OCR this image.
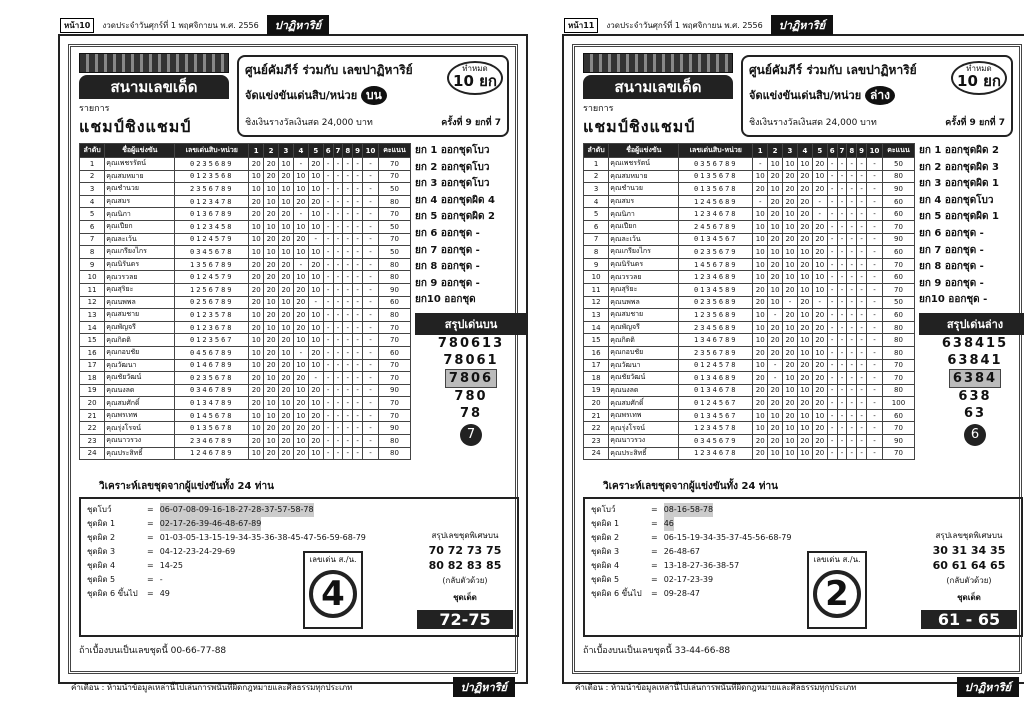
หน้า10	งวดประจำวันศุกร์ที่ 1 พฤศจิกายน พ.ศ. 2556	ปาฏิหาริย์
สนามเลขเด็ด
รายการ
แชมป์ชิงแชมป์
ศูนย์คัมภีร์ ร่วมกับ เลขปาฏิหาริย์
จัดแข่งขันเด่นสิบ/หน่วย บน
ชิงเงินรางวัลเงินสด 24,000 บาท	ครั้งที่ 9 ยกที่ 7
ทำหมด
10 ยก
ลำดับ	ชื่อผู้แข่งขัน	เลขเด่นสิบ-หน่วย	1	2	3	4	5	6	7	8	9	10	คะแนน
1	คุณเพชรรัตน์	0235689	20	20	10	-	20	-	-	-	-	-	70
2	คุณสมหมาย	0123568	10	20	20	10	10	-	-	-	-	-	70
3	คุณชำนวย	2356789	10	10	10	10	10	-	-	-	-	-	50
4	คุณสมร	0123478	20	10	10	20	20	-	-	-	-	-	80
5	คุณนิภา	0136789	20	20	20	-	10	-	-	-	-	-	70
6	คุณเปียก	0123458	10	10	10	10	10	-	-	-	-	-	50
7	คุณละเว้น	0124579	10	20	20	20	-	-	-	-	-	-	70
8	คุณเกรียงไกร	0345678	10	10	10	10	10	-	-	-	-	-	50
9	คุณนิรันดร	1356789	20	20	20	-	20	-	-	-	-	-	80
10	คุณวรวลย	0124579	20	20	20	10	10	-	-	-	-	-	80
11	คุณสุริยะ	1256789	20	20	20	20	10	-	-	-	-	-	90
12	คุณนพพล	0256789	20	10	10	20	-	-	-	-	-	-	60
13	คุณสมชาย	0123578	10	20	20	20	10	-	-	-	-	-	80
14	คุณพัญจรี	0123678	20	10	10	20	10	-	-	-	-	-	70
15	คุณกิตติ	0123567	10	20	20	10	10	-	-	-	-	-	70
16	คุณกอบชัย	0456789	10	20	10	-	20	-	-	-	-	-	60
17	คุณวัฒนา	0146789	10	20	20	10	10	-	-	-	-	-	70
18	คุณชัยวัฒน์	0235678	20	10	20	20	-	-	-	-	-	-	70
19	คุณนงลด	0346789	20	20	20	10	20	-	-	-	-	-	90
20	คุณสมศักดิ์	0134789	20	10	10	20	10	-	-	-	-	-	70
21	คุณพรเทพ	0145678	10	10	20	10	20	-	-	-	-	-	70
22	คุณรุ่งโรจน์	0135678	10	20	20	20	20	-	-	-	-	-	90
23	คุณนาวรวง	2346789	20	10	20	10	20	-	-	-	-	-	80
24	คุณประสิทธิ์	1246789	10	20	20	20	10	-	-	-	-	-	80
ยก 1 ออกชุดโบว
ยก 2 ออกชุดโบว
ยก 3 ออกชุดโบว
ยก 4 ออกชุดผิด 4
ยก 5 ออกชุดผิด 2
ยก 6 ออกชุด -
ยก 7 ออกชุด -
ยก 8 ออกชุด -
ยก 9 ออกชุด -
ยก10 ออกชุด
สรุปเด่นบน
780613
78061
7806
780
78
7
วิเคราะห์เลขชุดจากผู้แข่งขันทั้ง 24 ท่าน
ชุดโบว์	= 06-07-08-09-16-18-27-28-37-57-58-78
ชุดผิด 1	= 02-17-26-39-46-48-67-89
ชุดผิด 2	= 01-03-05-13-15-19-34-35-36-38-45-47-56-59-68-79
ชุดผิด 3	= 04-12-23-24-29-69
ชุดผิด 4	= 14-25
ชุดผิด 5	= -
ชุดผิด 6 ขึ้นไป	= 49
เลขเด่น ส./น.
4
สรุปเลขชุดพิเศษบน
70 72 73 75
80 82 83 85
(กลับตัวด้วย)
ชุดเด็ด
72-75
ถ้าเบื้องบนเป็นเลขชุดนี้ 00-66-77-88
คำเตือน : ห้ามนำข้อมูลเหล่านี้ไปเล่นการพนันที่ผิดกฎหมายและศีลธรรมทุกประเภท	ปาฏิหาริย์
หน้า11	งวดประจำวันศุกร์ที่ 1 พฤศจิกายน พ.ศ. 2556	ปาฏิหาริย์
สนามเลขเด็ด
รายการ
แชมป์ชิงแชมป์
ศูนย์คัมภีร์ ร่วมกับ เลขปาฏิหาริย์
จัดแข่งขันเด่นสิบ/หน่วย ล่าง
ชิงเงินรางวัลเงินสด 24,000 บาท	ครั้งที่ 9 ยกที่ 7
ทำหมด
10 ยก
ลำดับ	ชื่อผู้แข่งขัน	เลขเด่นสิบ-หน่วย	1	2	3	4	5	6	7	8	9	10	คะแนน
1	คุณเพชรรัตน์	0356789	-	10	10	10	20	-	-	-	-	-	50
2	คุณสมหมาย	0135678	10	20	20	20	10	-	-	-	-	-	80
3	คุณชำนวย	0135678	20	10	20	20	20	-	-	-	-	-	90
4	คุณสมร	1245689	-	20	20	20	-	-	-	-	-	-	60
5	คุณนิภา	1234678	10	20	10	20	-	-	-	-	-	-	60
6	คุณเปียก	2456789	10	10	10	20	20	-	-	-	-	-	70
7	คุณละเว้น	0134567	10	20	20	20	20	-	-	-	-	-	90
8	คุณเกรียงไกร	0235679	10	10	10	10	20	-	-	-	-	-	60
9	คุณนิรันดร	1456789	10	20	10	20	10	-	-	-	-	-	70
10	คุณวรวลย	1234689	10	20	10	10	10	-	-	-	-	-	60
11	คุณสุริยะ	0134589	20	10	20	10	10	-	-	-	-	-	70
12	คุณนพพล	0235689	20	10	-	20	-	-	-	-	-	-	50
13	คุณสมชาย	1235689	10	-	20	10	20	-	-	-	-	-	60
14	คุณพัญจรี	2345689	10	20	10	20	20	-	-	-	-	-	80
15	คุณกิตติ	1346789	10	20	20	10	20	-	-	-	-	-	80
16	คุณกอบชัย	2356789	20	20	20	10	10	-	-	-	-	-	80
17	คุณวัฒนา	0124578	10	-	20	20	20	-	-	-	-	-	70
18	คุณชัยวัฒน์	0134689	20	-	10	20	20	-	-	-	-	-	70
19	คุณนงลด	0134678	20	20	10	10	20	-	-	-	-	-	80
20	คุณสมศักดิ์	0124567	20	20	20	20	20	-	-	-	-	-	100
21	คุณพรเทพ	0134567	10	10	20	10	10	-	-	-	-	-	60
22	คุณรุ่งโรจน์	1234578	10	20	10	10	20	-	-	-	-	-	70
23	คุณนาวรวง	0345679	20	20	10	20	20	-	-	-	-	-	90
24	คุณประสิทธิ์	1234678	20	10	10	10	20	-	-	-	-	-	70
ยก 1 ออกชุดผิด 2
ยก 2 ออกชุดผิด 3
ยก 3 ออกชุดผิด 1
ยก 4 ออกชุดโบว
ยก 5 ออกชุดผิด 1
ยก 6 ออกชุด -
ยก 7 ออกชุด -
ยก 8 ออกชุด -
ยก 9 ออกชุด -
ยก10 ออกชุด -
สรุปเด่นล่าง
638415
63841
6384
638
63
6
วิเคราะห์เลขชุดจากผู้แข่งขันทั้ง 24 ท่าน
ชุดโบว์	= 08-16-58-78
ชุดผิด 1	= 46
ชุดผิด 2	= 06-15-19-34-35-37-45-56-68-79
ชุดผิด 3	= 26-48-67
ชุดผิด 4	= 13-18-27-36-38-57
ชุดผิด 5	= 02-17-23-39
ชุดผิด 6 ขึ้นไป	= 09-28-47
เลขเด่น ส./น.
2
สรุปเลขชุดพิเศษบน
30 31 34 35
60 61 64 65
(กลับตัวด้วย)
ชุดเด็ด
61 - 65
ถ้าเบื้องบนเป็นเลขชุดนี้ 33-44-66-88
คำเตือน : ห้ามนำข้อมูลเหล่านี้ไปเล่นการพนันที่ผิดกฎหมายและศีลธรรมทุกประเภท	ปาฏิหาริย์
